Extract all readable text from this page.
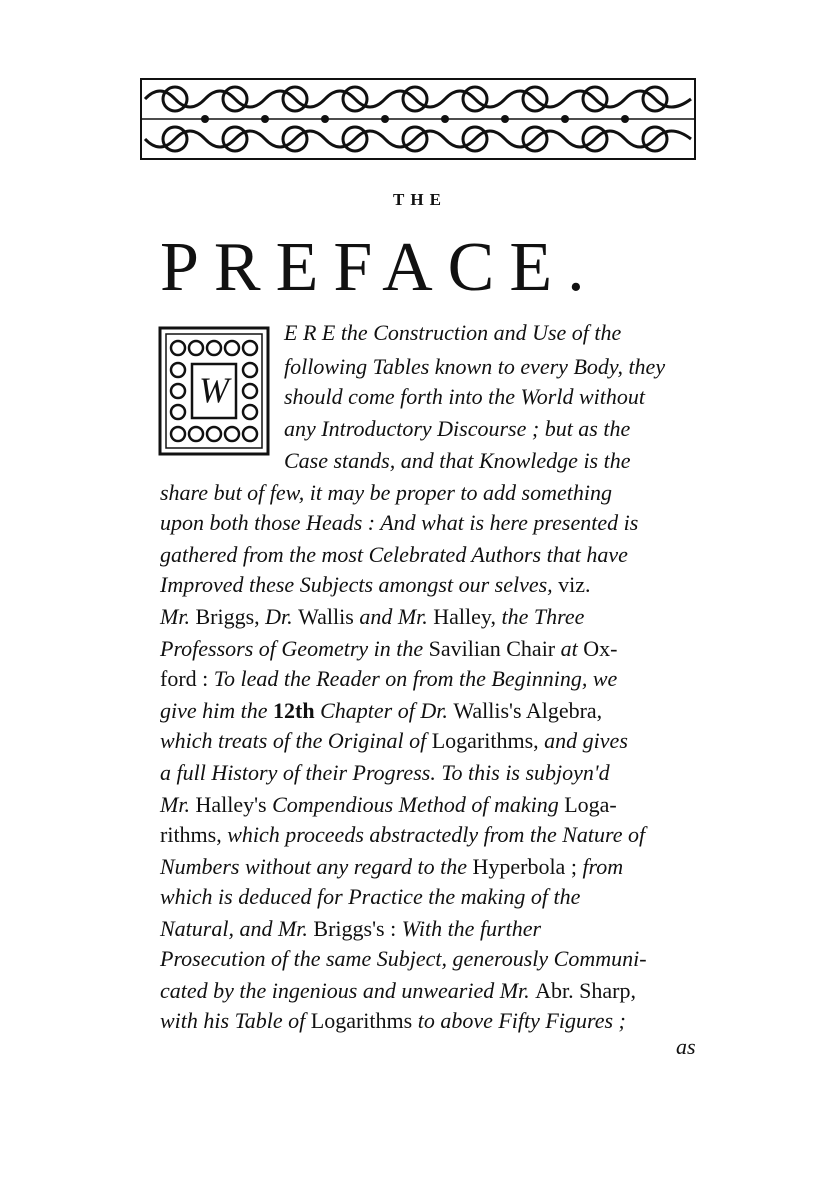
THE
PREFACE.
W
E R E the Construction and Use of the
following Tables known to every Body, they
should come forth into the World without
any Introductory Discourse ; but as the
Case stands, and that Knowledge is the
share but of few, it may be proper to add something
upon both those Heads : And what is here presented is
gathered from the most Celebrated Authors that have
Improved these Subjects amongst our selves, viz.
Mr. Briggs, Dr. Wallis and Mr. Halley, the Three
Professors of Geometry in the Savilian Chair at Ox-
ford : To lead the Reader on from the Beginning, we
give him the 12th Chapter of Dr. Wallis's Algebra,
which treats of the Original of Logarithms, and gives
a full History of their Progress. To this is subjoyn'd
Mr. Halley's Compendious Method of making Loga-
rithms, which proceeds abstractedly from the Nature of
Numbers without any regard to the Hyperbola ; from
which is deduced for Practice the making of the
Natural, and Mr. Briggs's : With the further
Prosecution of the same Subject, generously Communi-
cated by the ingenious and unwearied Mr. Abr. Sharp,
with his Table of Logarithms to above Fifty Figures ;
as
